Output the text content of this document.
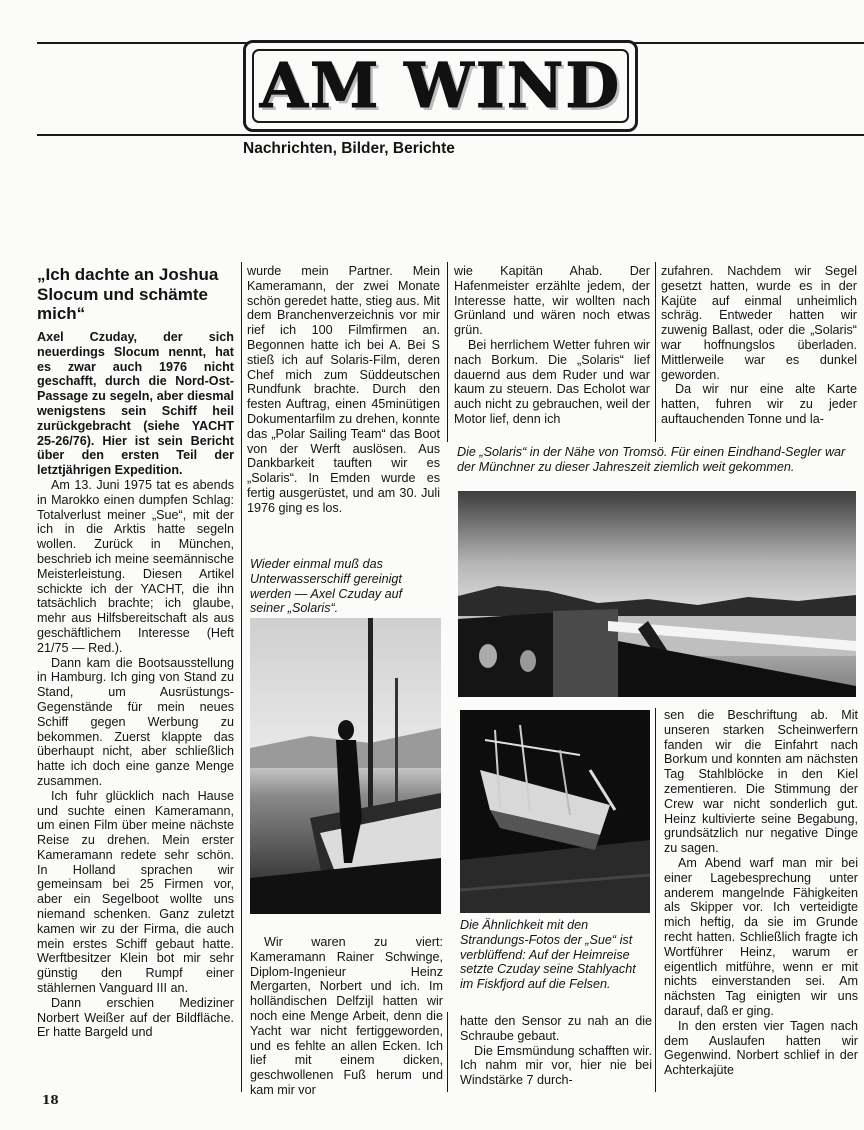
AM WIND
Nachrichten, Bilder, Berichte
„Ich dachte an Joshua Slocum und schämte mich“

Axel Czuday, der sich neuerdings Slocum nennt, hat es zwar auch 1976 nicht geschafft, durch die Nord-Ost-Passage zu segeln, aber diesmal wenigstens sein Schiff heil zurückgebracht (siehe YACHT 25-26/76). Hier ist sein Bericht über den ersten Teil der letztjährigen Expedition.

Am 13. Juni 1975 tat es abends in Marokko einen dumpfen Schlag: Totalverlust meiner „Sue“, mit der ich in die Arktis hatte segeln wollen. Zurück in München, beschrieb ich meine seemännische Meisterleistung. Diesen Artikel schickte ich der YACHT, die ihn tatsächlich brachte; ich glaube, mehr aus Hilfsbereitschaft als aus geschäftlichem Interesse (Heft 21/75 — Red.).

Dann kam die Bootsausstellung in Hamburg. Ich ging von Stand zu Stand, um Ausrüstungs-Gegenstände für mein neues Schiff gegen Werbung zu bekommen. Zuerst klappte das überhaupt nicht, aber schließlich hatte ich doch eine ganze Menge zusammen.

Ich fuhr glücklich nach Hause und suchte einen Kameramann, um einen Film über meine nächste Reise zu drehen. Mein erster Kameramann redete sehr schön. In Holland sprachen wir gemeinsam bei 25 Firmen vor, aber ein Segelboot wollte uns niemand schenken. Ganz zuletzt kamen wir zu der Firma, die auch mein erstes Schiff gebaut hatte. Werftbesitzer Klein bot mir sehr günstig den Rumpf einer stählernen Vanguard III an.

Dann erschien Mediziner Norbert Weißer auf der Bildfläche. Er hatte Bargeld und

wurde mein Partner. Mein Kameramann, der zwei Monate schön geredet hatte, stieg aus. Mit dem Branchenverzeichnis vor mir rief ich 100 Filmfirmen an. Begonnen hatte ich bei A. Bei S stieß ich auf Solaris-Film, deren Chef mich zum Süddeutschen Rundfunk brachte. Durch den festen Auftrag, einen 45minütigen Dokumentarfilm zu drehen, konnte das „Polar Sailing Team“ das Boot von der Werft auslösen. Aus Dankbarkeit tauften wir es „Solaris“. In Emden wurde es fertig ausgerüstet, und am 30. Juli 1976 ging es los.

Wieder einmal muß das Unterwasserschiff gereinigt werden — Axel Czuday auf seiner „Solaris“.

Wir waren zu viert: Kameramann Rainer Schwinge, Diplom-Ingenieur Heinz Mergarten, Norbert und ich. Im holländischen Delfzijl hatten wir noch eine Menge Arbeit, denn die Yacht war nicht fertiggeworden, und es fehlte an allen Ecken. Ich lief mit einem dicken, geschwollenen Fuß herum und kam mir vor

wie Kapitän Ahab. Der Hafenmeister erzählte jedem, der Interesse hatte, wir wollten nach Grünland und wären noch etwas grün.

Bei herrlichem Wetter fuhren wir nach Borkum. Die „Solaris“ lief dauernd aus dem Ruder und war kaum zu steuern. Das Echolot war auch nicht zu gebrauchen, weil der Motor lief, denn ich

zufahren. Nachdem wir Segel gesetzt hatten, wurde es in der Kajüte auf einmal unheimlich schräg. Entweder hatten wir zuwenig Ballast, oder die „Solaris“ war hoffnungslos überladen. Mittlerweile war es dunkel geworden.

Da wir nur eine alte Karte hatten, fuhren wir zu jeder auftauchenden Tonne und la-

Die „Solaris“ in der Nähe von Tromsö. Für einen Eindhand-Segler war der Münchner zu dieser Jahreszeit ziemlich weit gekommen.
Die Ähnlichkeit mit den Strandungs-Fotos der „Sue“ ist verblüffend: Auf der Heimreise setzte Czuday seine Stahlyacht im Fiskfjord auf die Felsen.

hatte den Sensor zu nah an die Schraube gebaut.

Die Emsmündung schafften wir. Ich nahm mir vor, hier nie bei Windstärke 7 durch-

sen die Beschriftung ab. Mit unseren starken Scheinwerfern fanden wir die Einfahrt nach Borkum und konnten am nächsten Tag Stahlblöcke in den Kiel zementieren. Die Stimmung der Crew war nicht sonderlich gut. Heinz kultivierte seine Begabung, grundsätzlich nur negative Dinge zu sagen.

Am Abend warf man mir bei einer Lagebesprechung unter anderem mangelnde Fähigkeiten als Skipper vor. Ich verteidigte mich heftig, da sie im Grunde recht hatten. Schließlich fragte ich Wortführer Heinz, warum er eigentlich mitführe, wenn er mit nichts einverstanden sei. Am nächsten Tag einigten wir uns darauf, daß er ging.

In den ersten vier Tagen nach dem Auslaufen hatten wir Gegenwind. Norbert schlief in der Achterkajüte

18
